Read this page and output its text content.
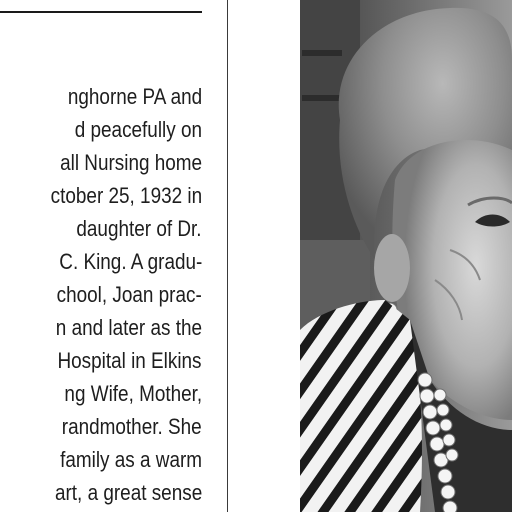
nghorne PA and
d peacefully on
all Nursing home
ctober 25, 1932 in
daughter of Dr.
C. King. A gradu-
chool, Joan prac-
n and later as the
Hospital in Elkins
ng Wife, Mother,
randmother. She
family as a warm
art, a great sense
